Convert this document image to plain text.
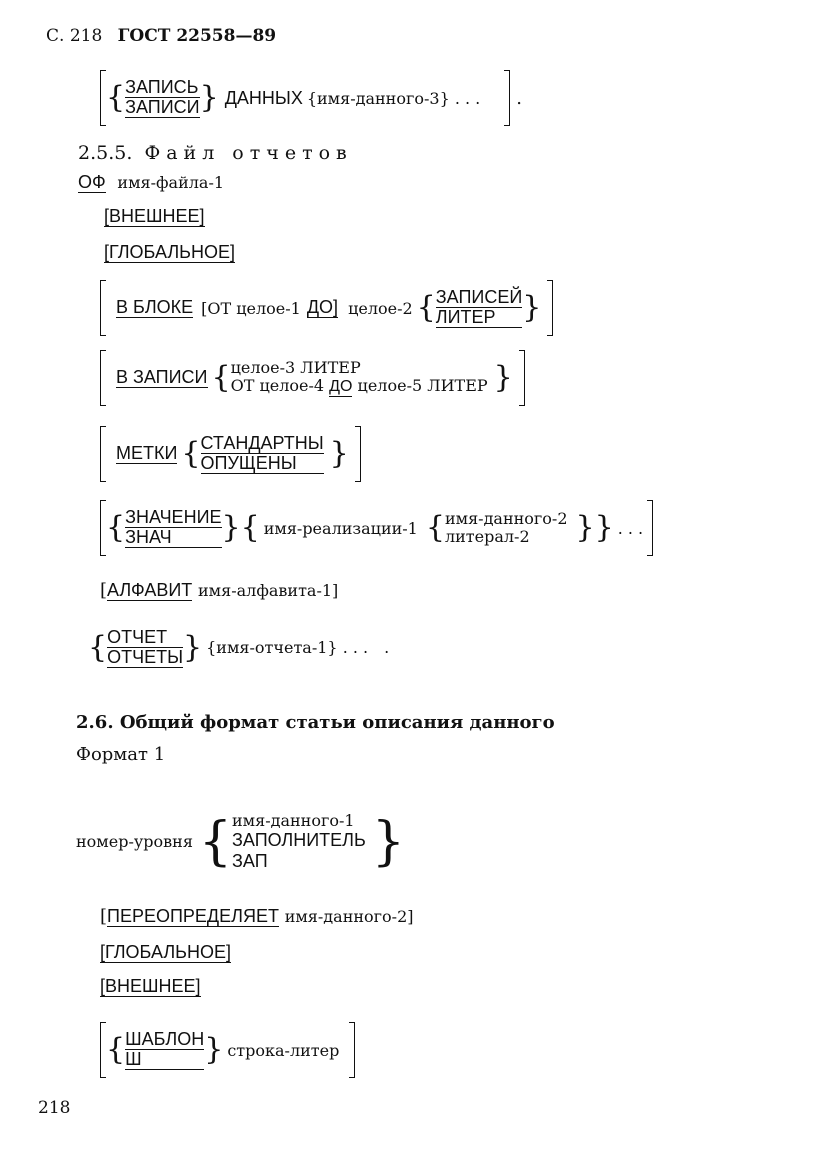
С. 218 ГОСТ 22558—89
{ ЗАПИСЬ
ЗАПИСИ } ДАННЫХ {имя-данного-3} . . . .
2.5.5. Файл отчетов
ОФ имя-файла-1
[ВНЕШНЕЕ]
[ГЛОБАЛЬНОЕ]
В БЛОКЕ [ОТ целое-1 ДО] целое-2 { ЗАПИСЕЙ
ЛИТЕР }
В ЗАПИСИ { целое-3 ЛИТЕР
ОТ целое-4 ДО целое-5 ЛИТЕР }
МЕТКИ { СТАНДАРТНЫ
ОПУЩЕНЫ	}
{ ЗНАЧЕНИЕ
ЗНАЧ	} { имя-реализации-1 { имя-данного-2
литерал-2	} } . . .
[АЛФАВИТ имя-алфавита-1]
{ ОТЧЕТ
ОТЧЕТЫ } {имя-отчета-1} . . . .
2.6. Общий формат статьи описания данного
Формат 1
номер-уровня { имя-данного-1
ЗАПОЛНИТЕЛЬ
ЗАП	}
[ПЕРЕОПРЕДЕЛЯЕТ имя-данного-2]
[ГЛОБАЛЬНОЕ]
[ВНЕШНЕЕ]
{ ШАБЛОН
Ш	} строка-литер
218
